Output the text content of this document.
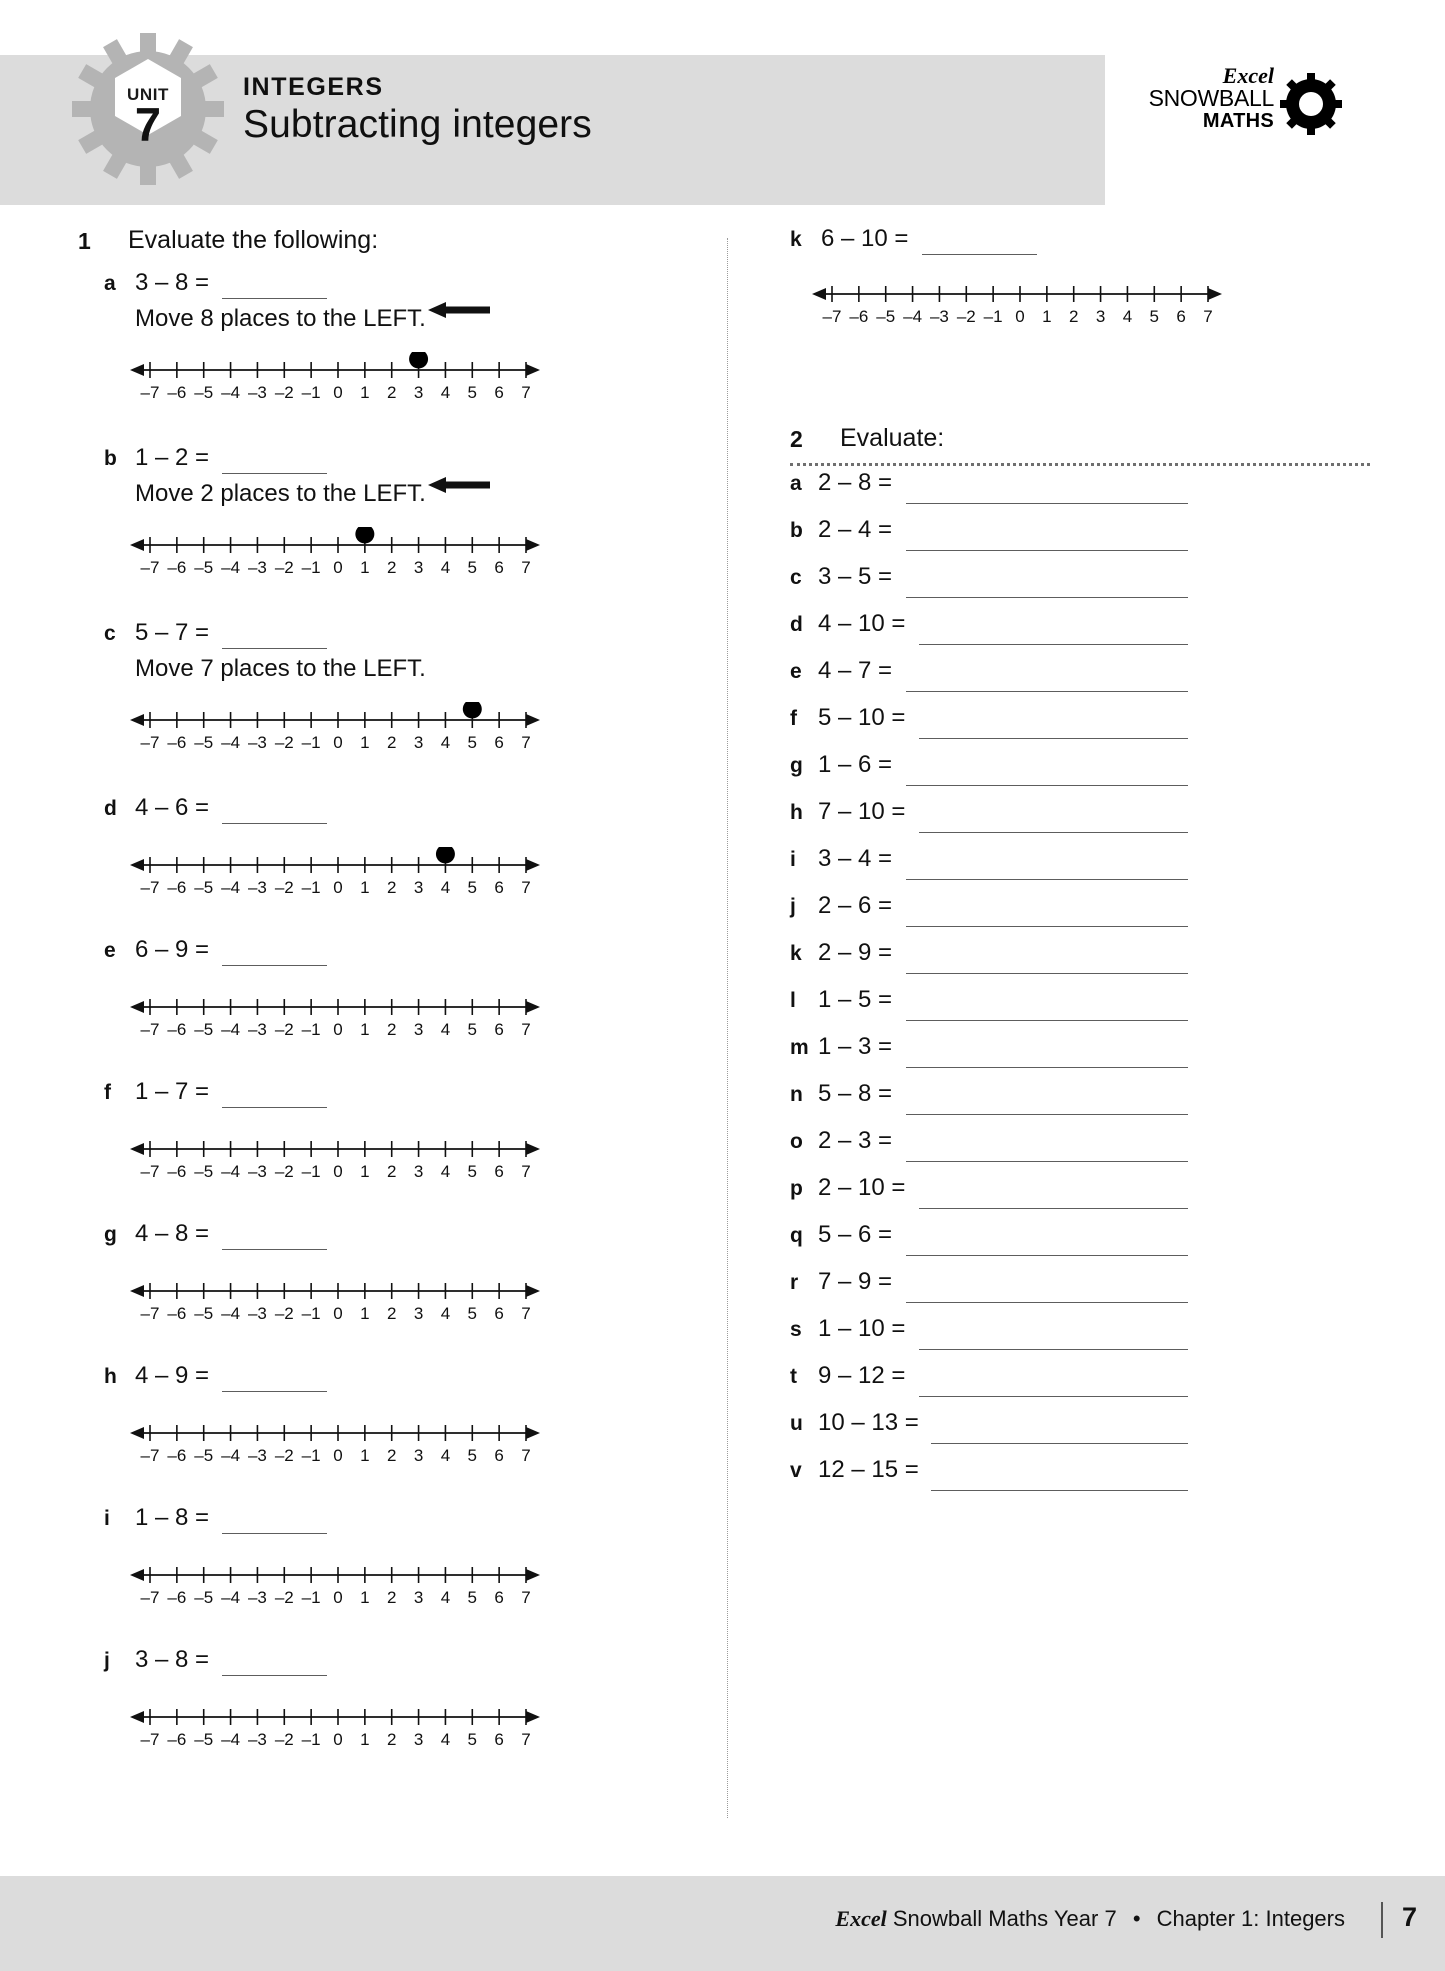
UNIT
7
INTEGERS
Subtracting integers
Excel
SNOWBALL
MATHS
1 Evaluate the following:
a 3 – 8 =
Move 8 places to the LEFT.
–7 –6 –5 –4 –3 –2 –1 0 1 2 3 4 5 6 7
b 1 – 2 =
Move 2 places to the LEFT.
–7 –6 –5 –4 –3 –2 –1 0 1 2 3 4 5 6 7
c 5 – 7 =
Move 7 places to the LEFT.
–7 –6 –5 –4 –3 –2 –1 0 1 2 3 4 5 6 7
d 4 – 6 =
–7 –6 –5 –4 –3 –2 –1 0 1 2 3 4 5 6 7
e 6 – 9 =
–7 –6 –5 –4 –3 –2 –1 0 1 2 3 4 5 6 7
f 1 – 7 =
–7 –6 –5 –4 –3 –2 –1 0 1 2 3 4 5 6 7
g 4 – 8 =
–7 –6 –5 –4 –3 –2 –1 0 1 2 3 4 5 6 7
h 4 – 9 =
–7 –6 –5 –4 –3 –2 –1 0 1 2 3 4 5 6 7
i 1 – 8 =
–7 –6 –5 –4 –3 –2 –1 0 1 2 3 4 5 6 7
j 3 – 8 =
–7 –6 –5 –4 –3 –2 –1 0 1 2 3 4 5 6 7
k 6 – 10 =
–7 –6 –5 –4 –3 –2 –1 0 1 2 3 4 5 6 7
2 Evaluate:
a 2 – 8 =
b 2 – 4 =
c 3 – 5 =
d 4 – 10 =
e 4 – 7 =
f 5 – 10 =
g 1 – 6 =
h 7 – 10 =
i 3 – 4 =
j 2 – 6 =
k 2 – 9 =
l 1 – 5 =
m 1 – 3 =
n 5 – 8 =
o 2 – 3 =
p 2 – 10 =
q 5 – 6 =
r 7 – 9 =
s 1 – 10 =
t 9 – 12 =
u 10 – 13 =
v 12 – 15 =
Excel Snowball Maths Year 7 • Chapter 1: Integers 7
